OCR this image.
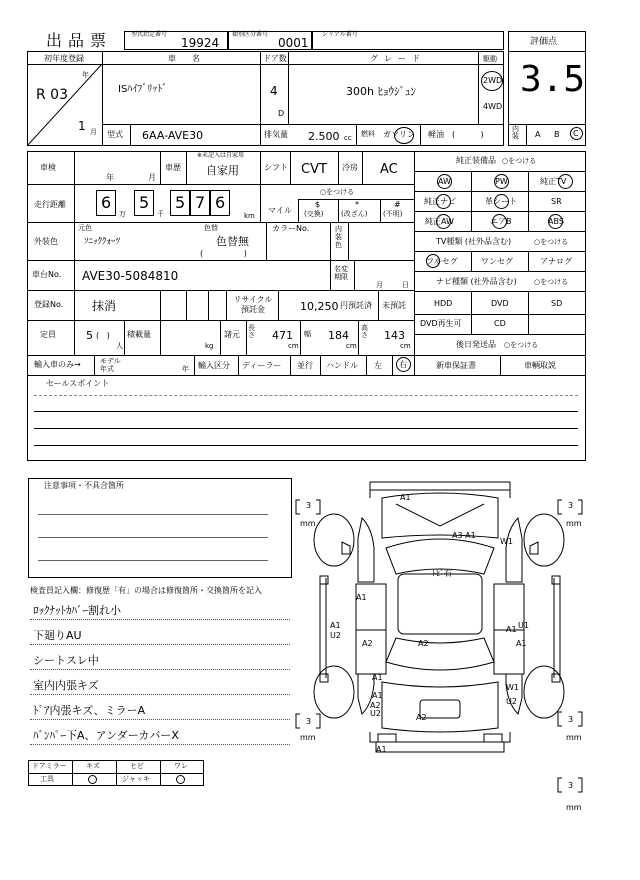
出品票	型式指定番号
19924
類別区分番号
0001
シリアル番号
評価点
3.5
初年度登録
R 03
年
1 月
車名
ISﾊｲﾌﾞﾘｯﾄﾞ
ドア数
4
D
グレード
300h ﾋｮｳｼﾞｭﾝ
駆動
2WD
4WD
型式 6AA-AVE30	排気量 2.500 cc 燃料 ガソリン 軽油 (          )
内装	A B C
車検
年	月
車歴
※未記入は自家用
自家用	シフト CVT 冷房 AC
走行距離 6
万
5
千
5 7 6
km
マイル
○をつける
$
(交換)
*
(改ざん)
#
(不明)
外装色
元色
ｿﾆｯｸｸｫｰﾂ
色替
色替無
(                )
カラーNo.	内装色
車台No. AVE30-5084810	名変期限
月	日
登録No. 抹消	リサイクル預託金	10,250 円預託済 未預託
定員	5 (   )
人
積載量
kg
諸元
長さ 471
cm
幅 184
cm
高さ 143
cm
輸入車のみ→	モデル年式	年 輸入区分 ディーラー 並行 ハンドル 左 右
セールスポイント
純正装備品 ○をつける
AW	PW	純正TV
純正ナビ	革シート	SR
純正AW	エアB	ABS
TV種類 (社外品含む)	○をつける
フルセグ	ワンセグ	アナログ
ナビ種類 (社外品含む) ○をつける
HDD	DVD	SD
DVD再生可	CD
後日発送品 ○をつける
新車保証書	車輌取説
注意事項・不具合箇所
検査員記入欄：修復歴「有」の場合は修復箇所・交換箇所を記入
ﾛｯｸﾅｯﾄｶﾊﾞｰ割れ小
下廻りAU
シートスレ中
室内内張キズ
ﾄﾞｱ内張キズ、ミラーA
ﾊﾞﾝﾊﾟｰ下A、アンダーカバーX
ドアミラー	キズ	ヒビ	ワレ
工具	ジャッキ
3
mm
3
mm
3
mm
3
mm
3
mm
A1
A3 A1
W1
ﾄﾋﾞ石
A1
A1
A2
U2
A2
A1 U1
A1
A1
W1
U2
A1
A2
U2	A2
A1
